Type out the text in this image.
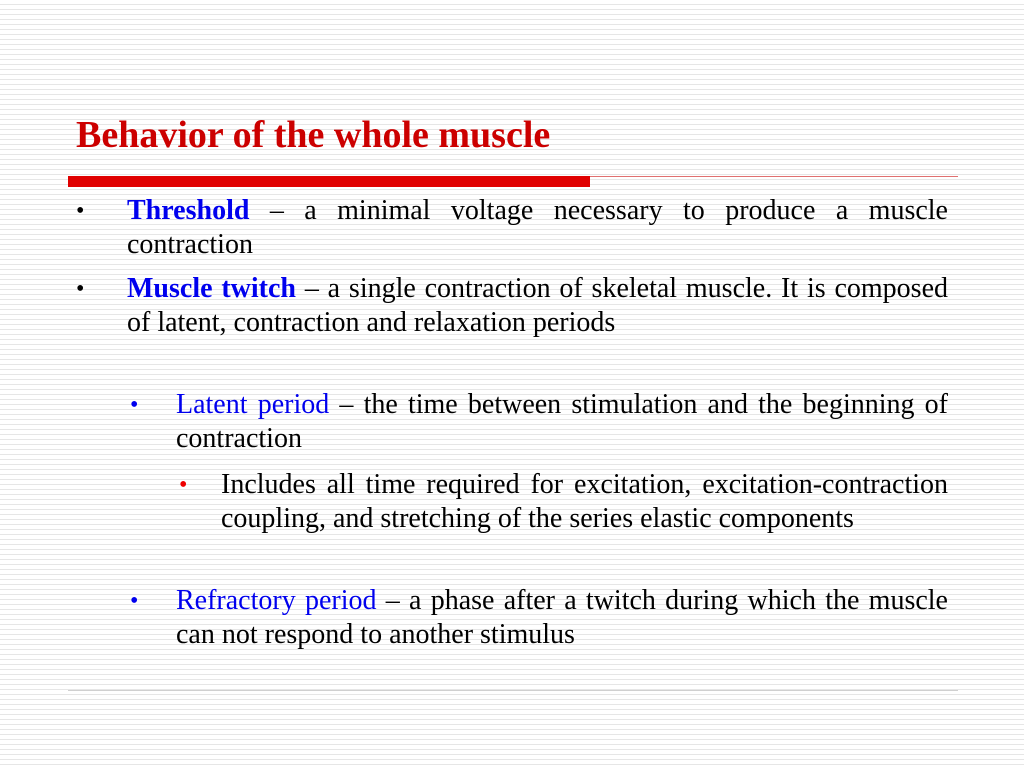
Behavior of the whole muscle
• Threshold – a minimal voltage necessary to produce a muscle contraction
• Muscle twitch – a single contraction of skeletal muscle. It is composed of latent, contraction and relaxation periods
• Latent period – the time between stimulation and the beginning of contraction
• Includes all time required for excitation, excitation-contraction coupling, and stretching of the series elastic components
• Refractory period – a phase after a twitch during which the muscle can not respond to another stimulus
